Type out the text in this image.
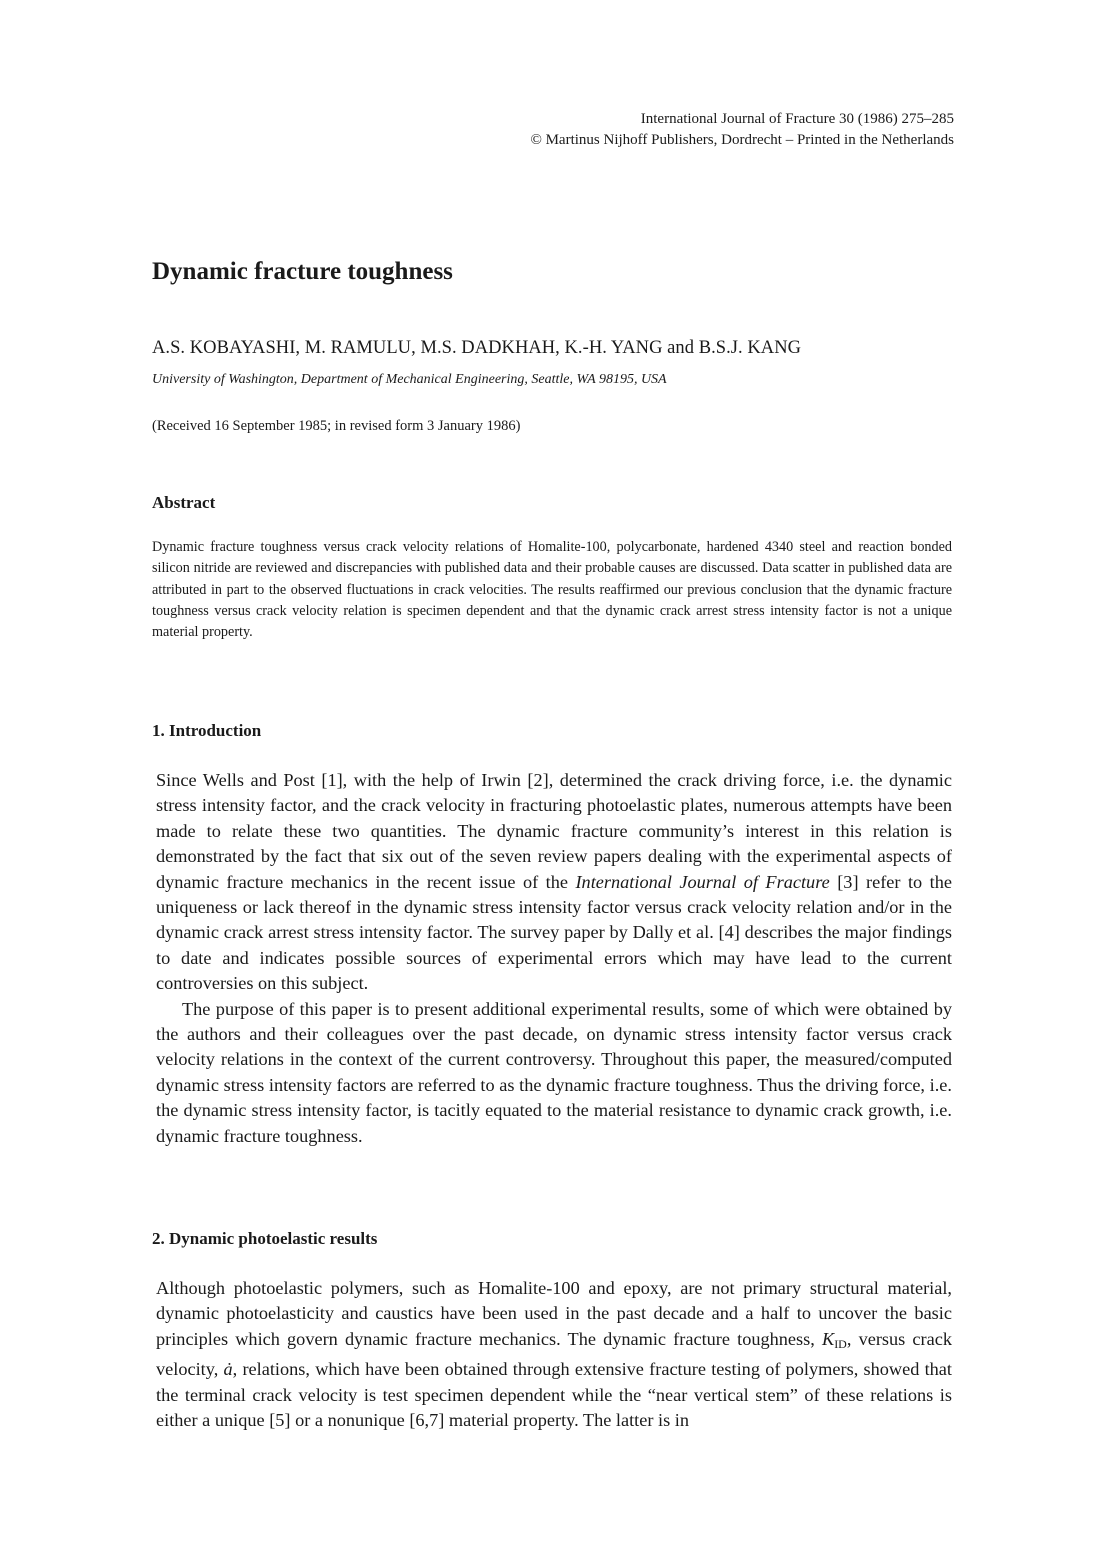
International Journal of Fracture 30 (1986) 275–285
© Martinus Nijhoff Publishers, Dordrecht – Printed in the Netherlands
Dynamic fracture toughness
A.S. KOBAYASHI, M. RAMULU, M.S. DADKHAH, K.-H. YANG and B.S.J. KANG
University of Washington, Department of Mechanical Engineering, Seattle, WA 98195, USA
(Received 16 September 1985; in revised form 3 January 1986)
Abstract

Dynamic fracture toughness versus crack velocity relations of Homalite-100, polycarbonate, hardened 4340 steel and reaction bonded silicon nitride are reviewed and discrepancies with published data and their probable causes are discussed. Data scatter in published data are attributed in part to the observed fluctuations in crack velocities. The results reaffirmed our previous conclusion that the dynamic fracture toughness versus crack velocity relation is specimen dependent and that the dynamic crack arrest stress intensity factor is not a unique material property.

1. Introduction

Since Wells and Post [1], with the help of Irwin [2], determined the crack driving force, i.e. the dynamic stress intensity factor, and the crack velocity in fracturing photoelastic plates, numerous attempts have been made to relate these two quantities. The dynamic fracture community’s interest in this relation is demonstrated by the fact that six out of the seven review papers dealing with the experimental aspects of dynamic fracture mechanics in the recent issue of the International Journal of Fracture [3] refer to the uniqueness or lack thereof in the dynamic stress intensity factor versus crack velocity relation and/or in the dynamic crack arrest stress intensity factor. The survey paper by Dally et al. [4] describes the major findings to date and indicates possible sources of experimental errors which may have lead to the current controversies on this subject.

The purpose of this paper is to present additional experimental results, some of which were obtained by the authors and their colleagues over the past decade, on dynamic stress intensity factor versus crack velocity relations in the context of the current controversy. Throughout this paper, the measured/computed dynamic stress intensity factors are referred to as the dynamic fracture toughness. Thus the driving force, i.e. the dynamic stress intensity factor, is tacitly equated to the material resistance to dynamic crack growth, i.e. dynamic fracture toughness.

2. Dynamic photoelastic results

Although photoelastic polymers, such as Homalite-100 and epoxy, are not primary structural material, dynamic photoelasticity and caustics have been used in the past decade and a half to uncover the basic principles which govern dynamic fracture mechanics. The dynamic fracture toughness, $K_{ID}$, versus crack velocity, ȧ, relations, which have been obtained through extensive fracture testing of polymers, showed that the terminal crack velocity is test specimen dependent while the “near vertical stem” of these relations is either a unique [5] or a nonunique [6,7] material property. The latter is in
